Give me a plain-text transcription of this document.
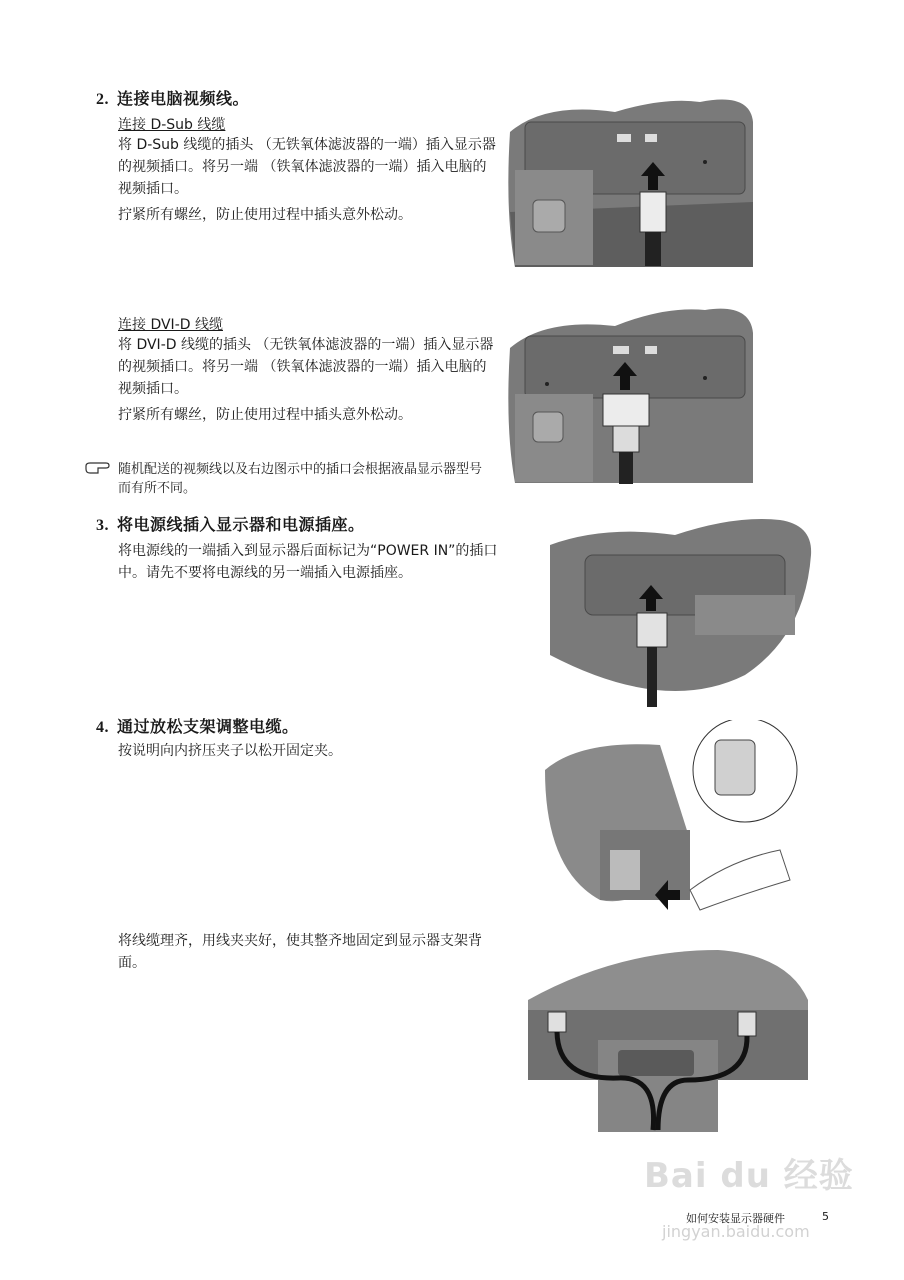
2. 连接电脑视频线。
连接 D-Sub 线缆
将 D-Sub 线缆的插头 （无铁氧体滤波器的一端）插入显示器的视频插口。将另一端 （铁氧体滤波器的一端）插入电脑的视频插口。
拧紧所有螺丝，防止使用过程中插头意外松动。
连接 DVI-D 线缆
将 DVI-D 线缆的插头 （无铁氧体滤波器的一端）插入显示器的视频插口。将另一端 （铁氧体滤波器的一端）插入电脑的视频插口。
拧紧所有螺丝，防止使用过程中插头意外松动。
随机配送的视频线以及右边图示中的插口会根据液晶显示器型号而有所不同。
3. 将电源线插入显示器和电源插座。
将电源线的一端插入到显示器后面标记为“POWER IN”的插口中。请先不要将电源线的另一端插入电源插座。
4. 通过放松支架调整电缆。
按说明向内挤压夹子以松开固定夹。
将线缆理齐，用线夹夹好，使其整齐地固定到显示器支架背面。
Bai du 经验
jingyan.baidu.com
如何安装显示器硬件	5
